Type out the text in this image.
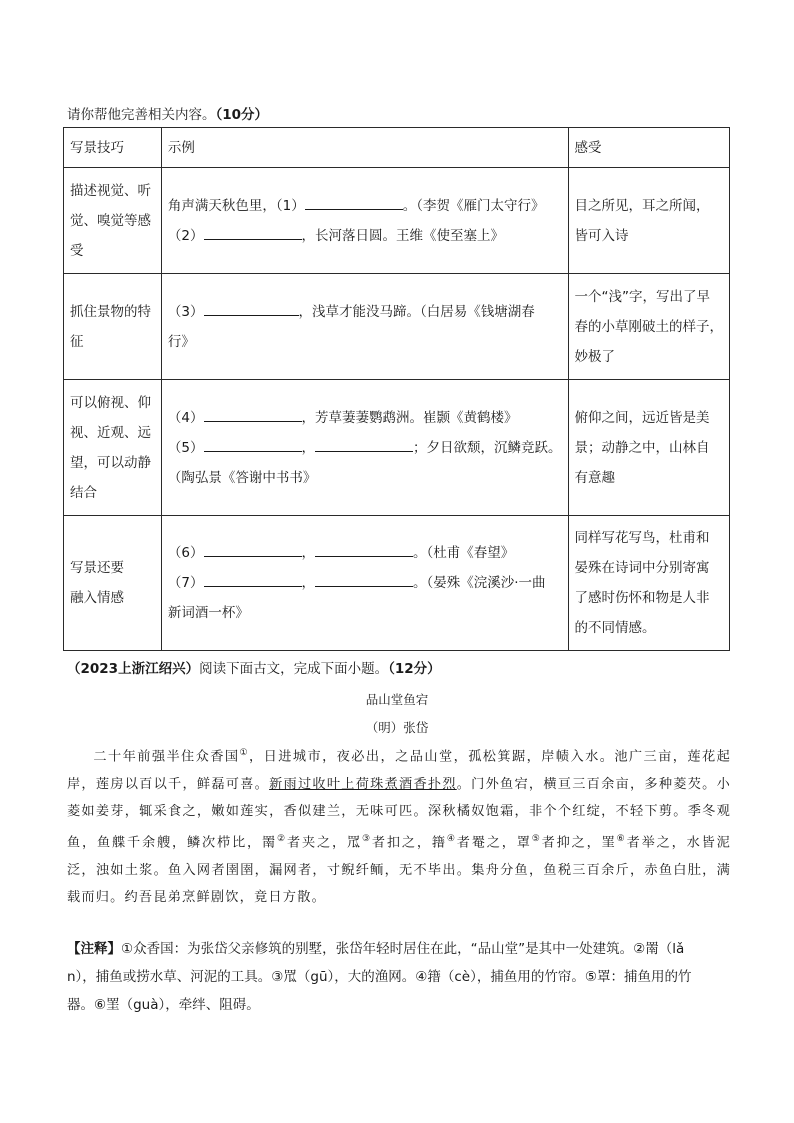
请你帮他完善相关内容。（10分）
写景技巧	示例	感受

描述视觉、听
觉、嗅觉等感
受	角声满天秋色里，（1） 。（李贺《雁门太守行》
（2） ，长河落日圆。王维《使至塞上》	目之所见，耳之所闻，
皆可入诗

抓住景物的特
征	（3） ，浅草才能没马蹄。（白居易《钱塘湖春
行》	一个“浅”字，写出了早
春的小草刚破土的样子，
妙极了

可以俯视、仰
视、近观、远
望，可以动静
结合	（4） ，芳草萋萋鹦鹉洲。崔颢《黄鹤楼》
（5） ， ；夕日欲颓，沉鳞竞跃。
（陶弘景《答谢中书书》	俯仰之间，远近皆是美
景；动静之中，山林自
有意趣

写景还要
融入情感	（6） ， 。（杜甫《春望》
（7） ， 。（晏殊《浣溪沙·一曲
新词酒一杯》	同样写花写鸟，杜甫和
晏殊在诗词中分别寄寓
了感时伤怀和物是人非
的不同情感。
（2023上浙江绍兴）阅读下面古文，完成下面小题。（12分）
品山堂鱼宕
（明）张岱
二十年前强半住众香国①，日进城市，夜必出，之品山堂，孤松箕踞，岸帻入水。池广三亩，莲花起岸，莲房以百以千，鲜磊可喜。新雨过收叶上荷珠煮酒香扑烈。门外鱼宕，横亘三百余亩，多种菱芡。小菱如姜芽，辄采食之，嫩如莲实，香似建兰，无味可匹。深秋橘奴饱霜，非个个红绽，不轻下剪。季冬观鱼，鱼艓千余艘，鳞次栉比，罱②者夹之，罛③者扣之，簎④者罨之，罩⑤者抑之，罣⑥者举之，水皆泥泛，浊如土浆。鱼入网者圉圉，漏网者，寸鲵纤鲕，无不毕出。集舟分鱼，鱼税三百余斤，赤鱼白肚，满载而归。约吾昆弟烹鲜剧饮，竟日方散。
【注释】①众香国：为张岱父亲修筑的别墅，张岱年轻时居住在此，“品山堂”是其中一处建筑。②罱（lǎ
n），捕鱼或捞水草、河泥的工具。③罛（gū），大的渔网。④簎（cè），捕鱼用的竹帘。⑤罩：捕鱼用的竹
器。⑥罣（guà），牵绊、阻碍。
